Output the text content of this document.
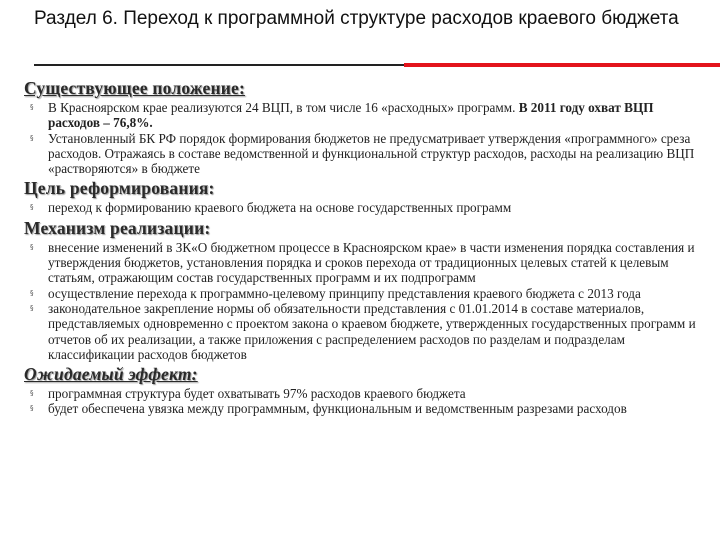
Раздел 6. Переход к программной структуре расходов краевого бюджета
Существующее положение:
§ В Красноярском крае реализуются 24 ВЦП, в том числе 16 «расходных» программ. В 2011 году охват ВЦП расходов – 76,8%.
§ Установленный БК РФ порядок формирования бюджетов не предусматривает утверждения «программного» среза расходов. Отражаясь в составе ведомственной и функциональной структур расходов, расходы на реализацию ВЦП «растворяются» в бюджете
Цель реформирования:
§ переход к формированию краевого бюджета на основе государственных программ
Механизм реализации:
§ внесение изменений в ЗК«О бюджетном процессе в Красноярском крае» в части изменения порядка составления и утверждения бюджетов, установления порядка и сроков перехода от традиционных целевых статей к целевым статьям, отражающим состав государственных программ и их подпрограмм
§ осуществление перехода к программно-целевому принципу представления краевого бюджета с 2013 года
§ законодательное закрепление нормы об обязательности представления с 01.01.2014 в составе материалов, представляемых одновременно с проектом закона о краевом бюджете, утвержденных государственных программ и отчетов об их реализации, а также приложения с распределением расходов по разделам и подразделам классификации расходов бюджетов
Ожидаемый эффект:
§ программная структура будет охватывать 97% расходов краевого бюджета
§ будет обеспечена увязка между программным, функциональным и ведомственным разрезами расходов
